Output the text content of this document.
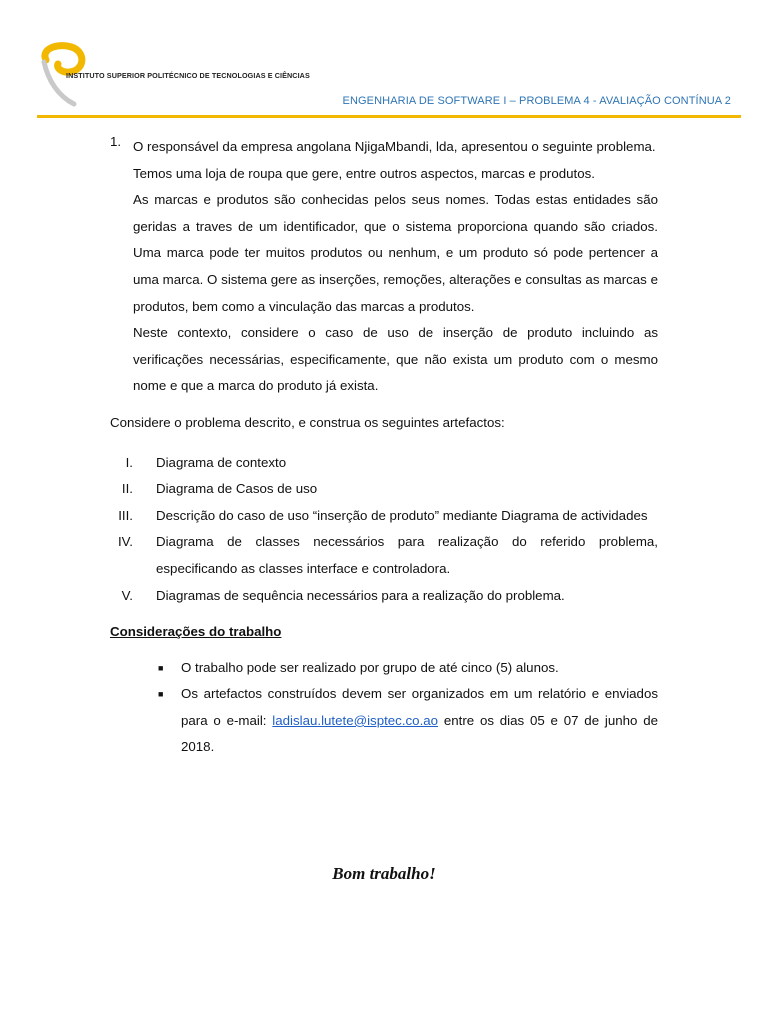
INSTITUTO SUPERIOR POLITÉCNICO DE TECNOLOGIAS E CIÊNCIAS
ENGENHARIA DE SOFTWARE I – PROBLEMA 4 - AVALIAÇÃO CONTÍNUA 2
1. O responsável da empresa angolana NjigaMbandi, lda, apresentou o seguinte problema.

Temos uma loja de roupa que gere, entre outros aspectos, marcas e produtos.

As marcas e produtos são conhecidas pelos seus nomes. Todas estas entidades são geridas a traves de um identificador, que o sistema proporciona quando são criados. Uma marca pode ter muitos produtos ou nenhum, e um produto só pode pertencer a uma marca. O sistema gere as inserções, remoções, alterações e consultas as marcas e produtos, bem como a vinculação das marcas a produtos.

Neste contexto, considere o caso de uso de inserção de produto incluindo as verificações necessárias, especificamente, que não exista um produto com o mesmo nome e que a marca do produto já exista.

Considere o problema descrito, e construa os seguintes artefactos:
I.	Diagrama de contexto
II.	Diagrama de Casos de uso
III.	Descrição do caso de uso “inserção de produto” mediante Diagrama de actividades
IV.	Diagrama de classes necessários para realização do referido problema, especificando as classes interface e controladora.
V.	Diagramas de sequência necessários para a realização do problema.
Considerações do trabalho
■	O trabalho pode ser realizado por grupo de até cinco (5) alunos.
■	Os artefactos construídos devem ser organizados em um relatório e enviados para o e-mail: ladislau.lutete@isptec.co.ao entre os dias 05 e 07 de junho de 2018.
Bom trabalho!
